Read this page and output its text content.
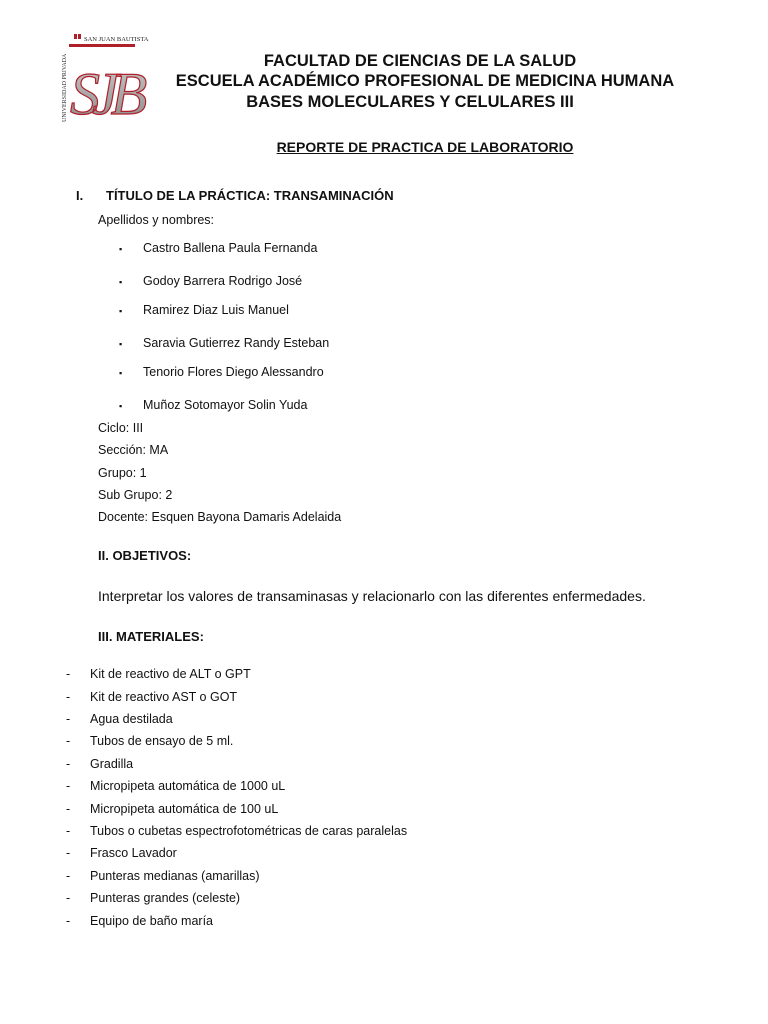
SAN JUAN BAUTISTA
UNIVERSIDAD PRIVADA SJB	FACULTAD DE CIENCIAS DE LA SALUD
ESCUELA ACADÉMICO PROFESIONAL DE MEDICINA HUMANA
BASES MOLECULARES Y CELULARES III
REPORTE DE PRACTICA DE LABORATORIO
I. TÍTULO DE LA PRÁCTICA: TRANSAMINACIÓN
Apellidos y nombres:
▪ Castro Ballena Paula Fernanda
▪ Godoy Barrera Rodrigo José
▪ Ramirez Diaz Luis Manuel
▪ Saravia Gutierrez Randy Esteban
▪ Tenorio Flores Diego Alessandro
▪ Muñoz Sotomayor Solin Yuda
Ciclo: III
Sección: MA
Grupo: 1
Sub Grupo: 2
Docente: Esquen Bayona Damaris Adelaida
II. OBJETIVOS:
Interpretar los valores de transaminasas y relacionarlo con las diferentes enfermedades.
III. MATERIALES:
- Kit de reactivo de ALT o GPT
- Kit de reactivo AST o GOT
- Agua destilada
- Tubos de ensayo de 5 ml.
- Gradilla
- Micropipeta automática de 1000 uL
- Micropipeta automática de 100 uL
- Tubos o cubetas espectrofotométricas de caras paralelas
- Frasco Lavador
- Punteras medianas (amarillas)
- Punteras grandes (celeste)
- Equipo de baño maría
